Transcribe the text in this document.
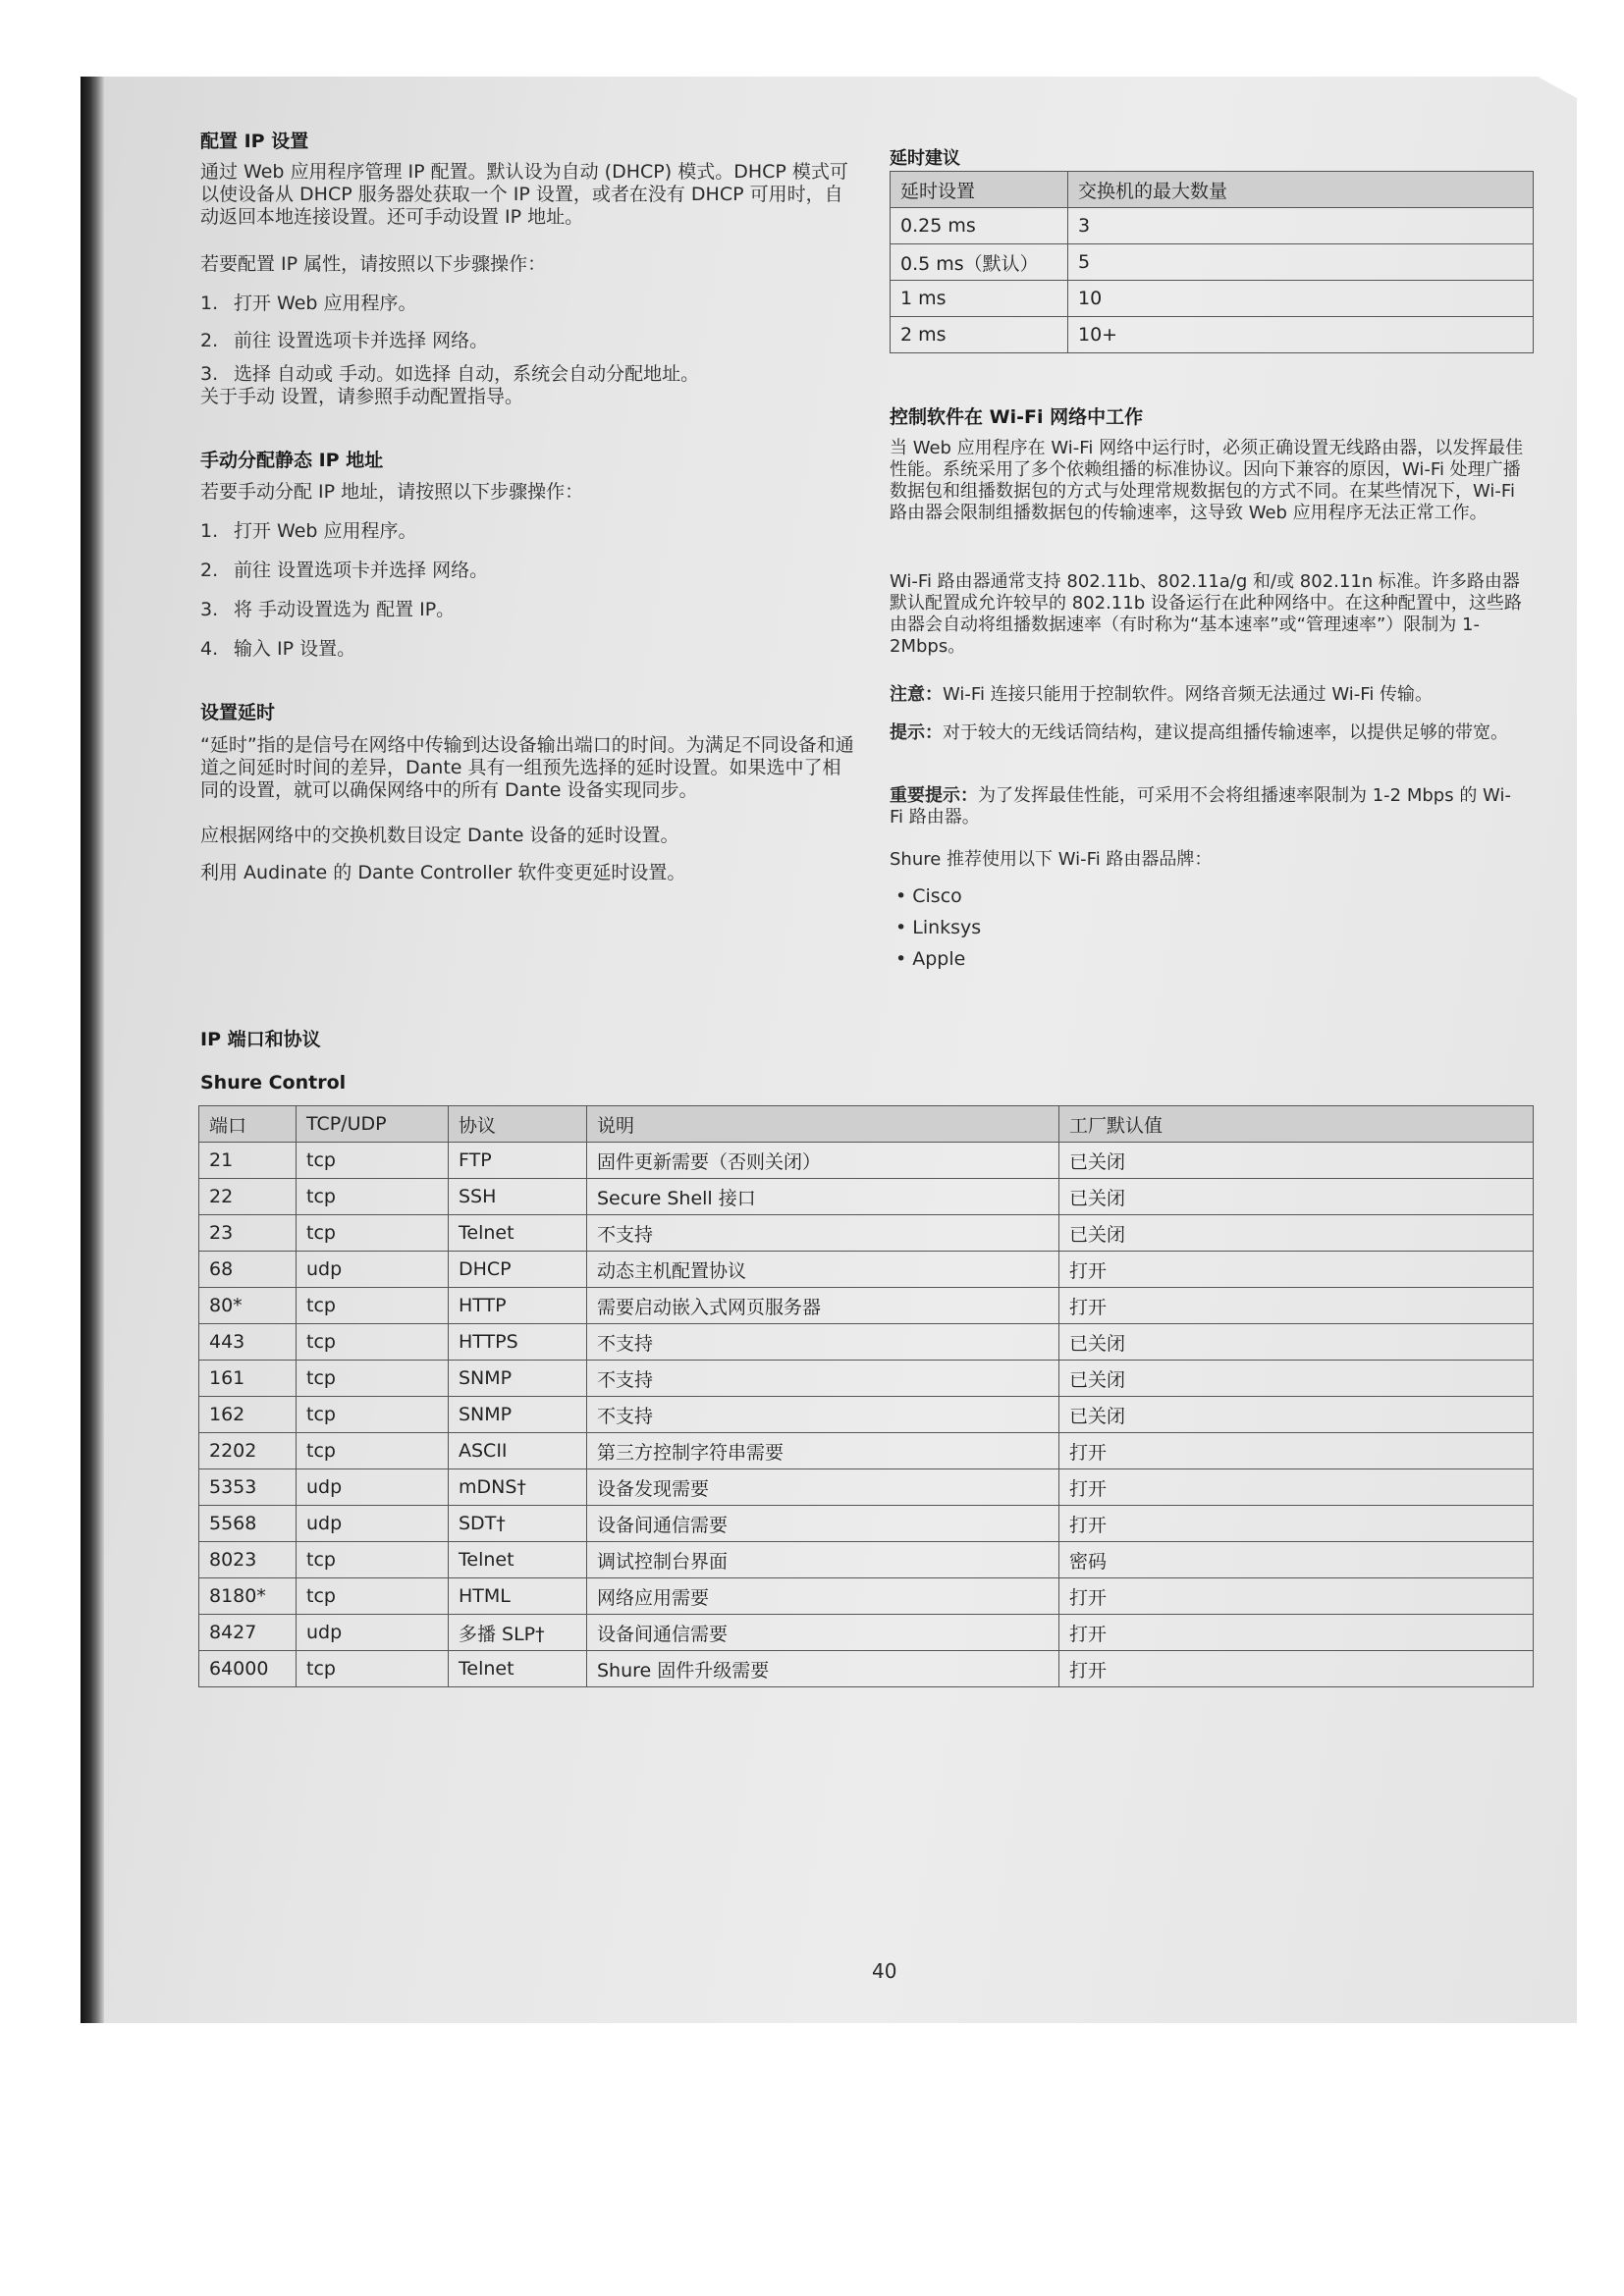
配置 IP 设置

通过 Web 应用程序管理 IP 配置。默认设为自动 (DHCP) 模式。DHCP 模式可以使设备从 DHCP 服务器处获取一个 IP 设置，或者在没有 DHCP 可用时，自动返回本地连接设置。还可手动设置 IP 地址。

若要配置 IP 属性，请按照以下步骤操作：

1. 打开 Web 应用程序。
2. 前往 设置选项卡并选择 网络。
3. 选择 自动或 手动。如选择 自动，系统会自动分配地址。关于手动 设置，请参照手动配置指导。
手动分配静态 IP 地址

若要手动分配 IP 地址，请按照以下步骤操作：

1. 打开 Web 应用程序。
2. 前往 设置选项卡并选择 网络。
3. 将 手动设置选为 配置 IP。
4. 输入 IP 设置。
设置延时

“延时”指的是信号在网络中传输到达设备输出端口的时间。为满足不同设备和通道之间延时时间的差异，Dante 具有一组预先选择的延时设置。如果选中了相同的设置，就可以确保网络中的所有 Dante 设备实现同步。

应根据网络中的交换机数目设定 Dante 设备的延时设置。

利用 Audinate 的 Dante Controller 软件变更延时设置。

延时建议
延时设置	交换机的最大数量
0.25 ms	3
0.5 ms（默认）	5
1 ms	10
2 ms	10+
控制软件在 Wi-Fi 网络中工作

当 Web 应用程序在 Wi-Fi 网络中运行时，必须正确设置无线路由器，以发挥最佳性能。系统采用了多个依赖组播的标准协议。因向下兼容的原因，Wi-Fi 处理广播数据包和组播数据包的方式与处理常规数据包的方式不同。在某些情况下，Wi-Fi 路由器会限制组播数据包的传输速率，这导致 Web 应用程序无法正常工作。

Wi-Fi 路由器通常支持 802.11b、802.11a/g 和/或 802.11n 标准。许多路由器默认配置成允许较早的 802.11b 设备运行在此种网络中。在这种配置中，这些路由器会自动将组播数据速率（有时称为“基本速率”或“管理速率”）限制为 1-2Mbps。

注意：Wi-Fi 连接只能用于控制软件。网络音频无法通过 Wi-Fi 传输。

提示：对于较大的无线话筒结构，建议提高组播传输速率，以提供足够的带宽。

重要提示：为了发挥最佳性能，可采用不会将组播速率限制为 1-2 Mbps 的 Wi-Fi 路由器。

Shure 推荐使用以下 Wi-Fi 路由器品牌：

• Cisco
• Linksys
• Apple
IP 端口和协议
Shure Control
端口	TCP/UDP	协议	说明	工厂默认值
21	tcp	FTP	固件更新需要（否则关闭）	已关闭
22	tcp	SSH	Secure Shell 接口	已关闭
23	tcp	Telnet	不支持	已关闭
68	udp	DHCP	动态主机配置协议	打开
80*	tcp	HTTP	需要启动嵌入式网页服务器	打开
443	tcp	HTTPS	不支持	已关闭
161	tcp	SNMP	不支持	已关闭
162	tcp	SNMP	不支持	已关闭
2202	tcp	ASCII	第三方控制字符串需要	打开
5353	udp	mDNS†	设备发现需要	打开
5568	udp	SDT†	设备间通信需要	打开
8023	tcp	Telnet	调试控制台界面	密码
8180*	tcp	HTML	网络应用需要	打开
8427	udp	多播 SLP†	设备间通信需要	打开
64000	tcp	Telnet	Shure 固件升级需要	打开
40
